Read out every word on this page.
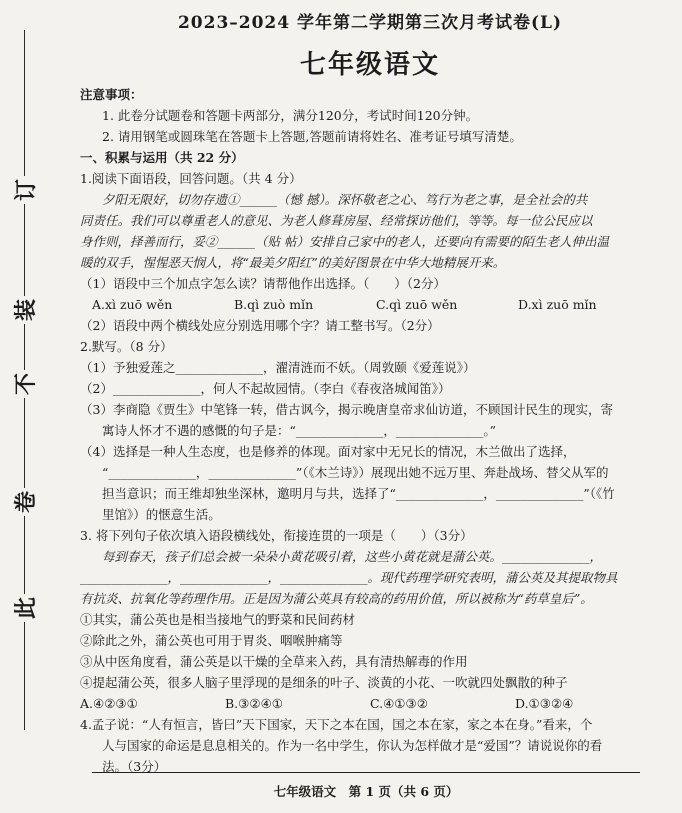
订
装
不
卷
此
2023–2024 学年第二学期第三次月考试卷(L)
七年级语文
注意事项：
1. 此卷分试题卷和答题卡两部分，满分120分，考试时间120分钟。
2. 请用钢笔或圆珠笔在答题卡上答题,答题前请将姓名、准考证号填写清楚。
一、积累与运用（共 22 分）
1.阅读下面语段，回答问题。（共 4 分）
夕阳无限好，切勿存遗①______（憾 撼）。深怀敬老之心、笃行为老之事，是全社会的共
同责任。我们可以尊重老人的意见、为老人修葺房屋、经常探访他们，等等。每一位公民应以
身作则，择善而行，妥②______（贴 帖）安排自己家中的老人，还要向有需要的陌生老人伸出温
暖的双手，惺惺恶天悯人，将“最美夕阳红”的美好图景在中华大地精展开来。
（1）语段中三个加点字怎么读？请帮他作出选择。（　　）（2分）
A.xì zuō wěn	B.qì zuò mǐn	C.qì zuō wěn	D.xì zuō mǐn
（2）语段中两个横线处应分别选用哪个字？请工整书写。（2分）
2.默写。（8 分）
（1）予独爱莲之______________，濯清涟而不妖。（周敦颐《爱莲说》）
（2）______________，何人不起故园情。（李白《春夜洛城闻笛》）
（3）李商隐《贾生》中笔锋一转，借古讽今，揭示晚唐皇帝求仙访道，不顾国计民生的现实，寄
寓诗人怀才不遇的感慨的句子是：“______________，______________。”
（4）选择是一种人生态度，也是修养的体现。面对家中无兄长的情况，木兰做出了选择，
“______________，______________”（《木兰诗》）展现出她不远万里、奔赴战场、替父从军的
担当意识；而王维却独坐深林，邀明月与共，选择了“______________，______________”（《竹
里馆》）的惬意生活。
3. 将下列句子依次填入语段横线处，衔接连贯的一项是（　　）（3分）
每到春天，孩子们总会被一朵朵小黄花吸引着，这些小黄花就是蒲公英。______________，
______________，______________，______________。现代药理学研究表明，蒲公英及其提取物具
有抗炎、抗氧化等药理作用。正是因为蒲公英具有较高的药用价值，所以被称为“药草皇后”。
①其实，蒲公英也是相当接地气的野菜和民间药材
②除此之外，蒲公英也可用于胃炎、咽喉肿痛等
③从中医角度看，蒲公英是以干燥的全草来入药，具有清热解毒的作用
④提起蒲公英，很多人脑子里浮现的是细条的叶子、淡黄的小花、一吹就四处飘散的种子
A.④②③①	B.③②④①	C.④①③②	D.①③②④
4.孟子说：“人有恒言，皆曰”天下国家，天下之本在国，国之本在家，家之本在身。”看来，个
人与国家的命运是息息相关的。作为一名中学生，你认为怎样做才是“爱国”？请说说你的看
法。（3分）
七年级语文　第 1 页（共 6 页）
